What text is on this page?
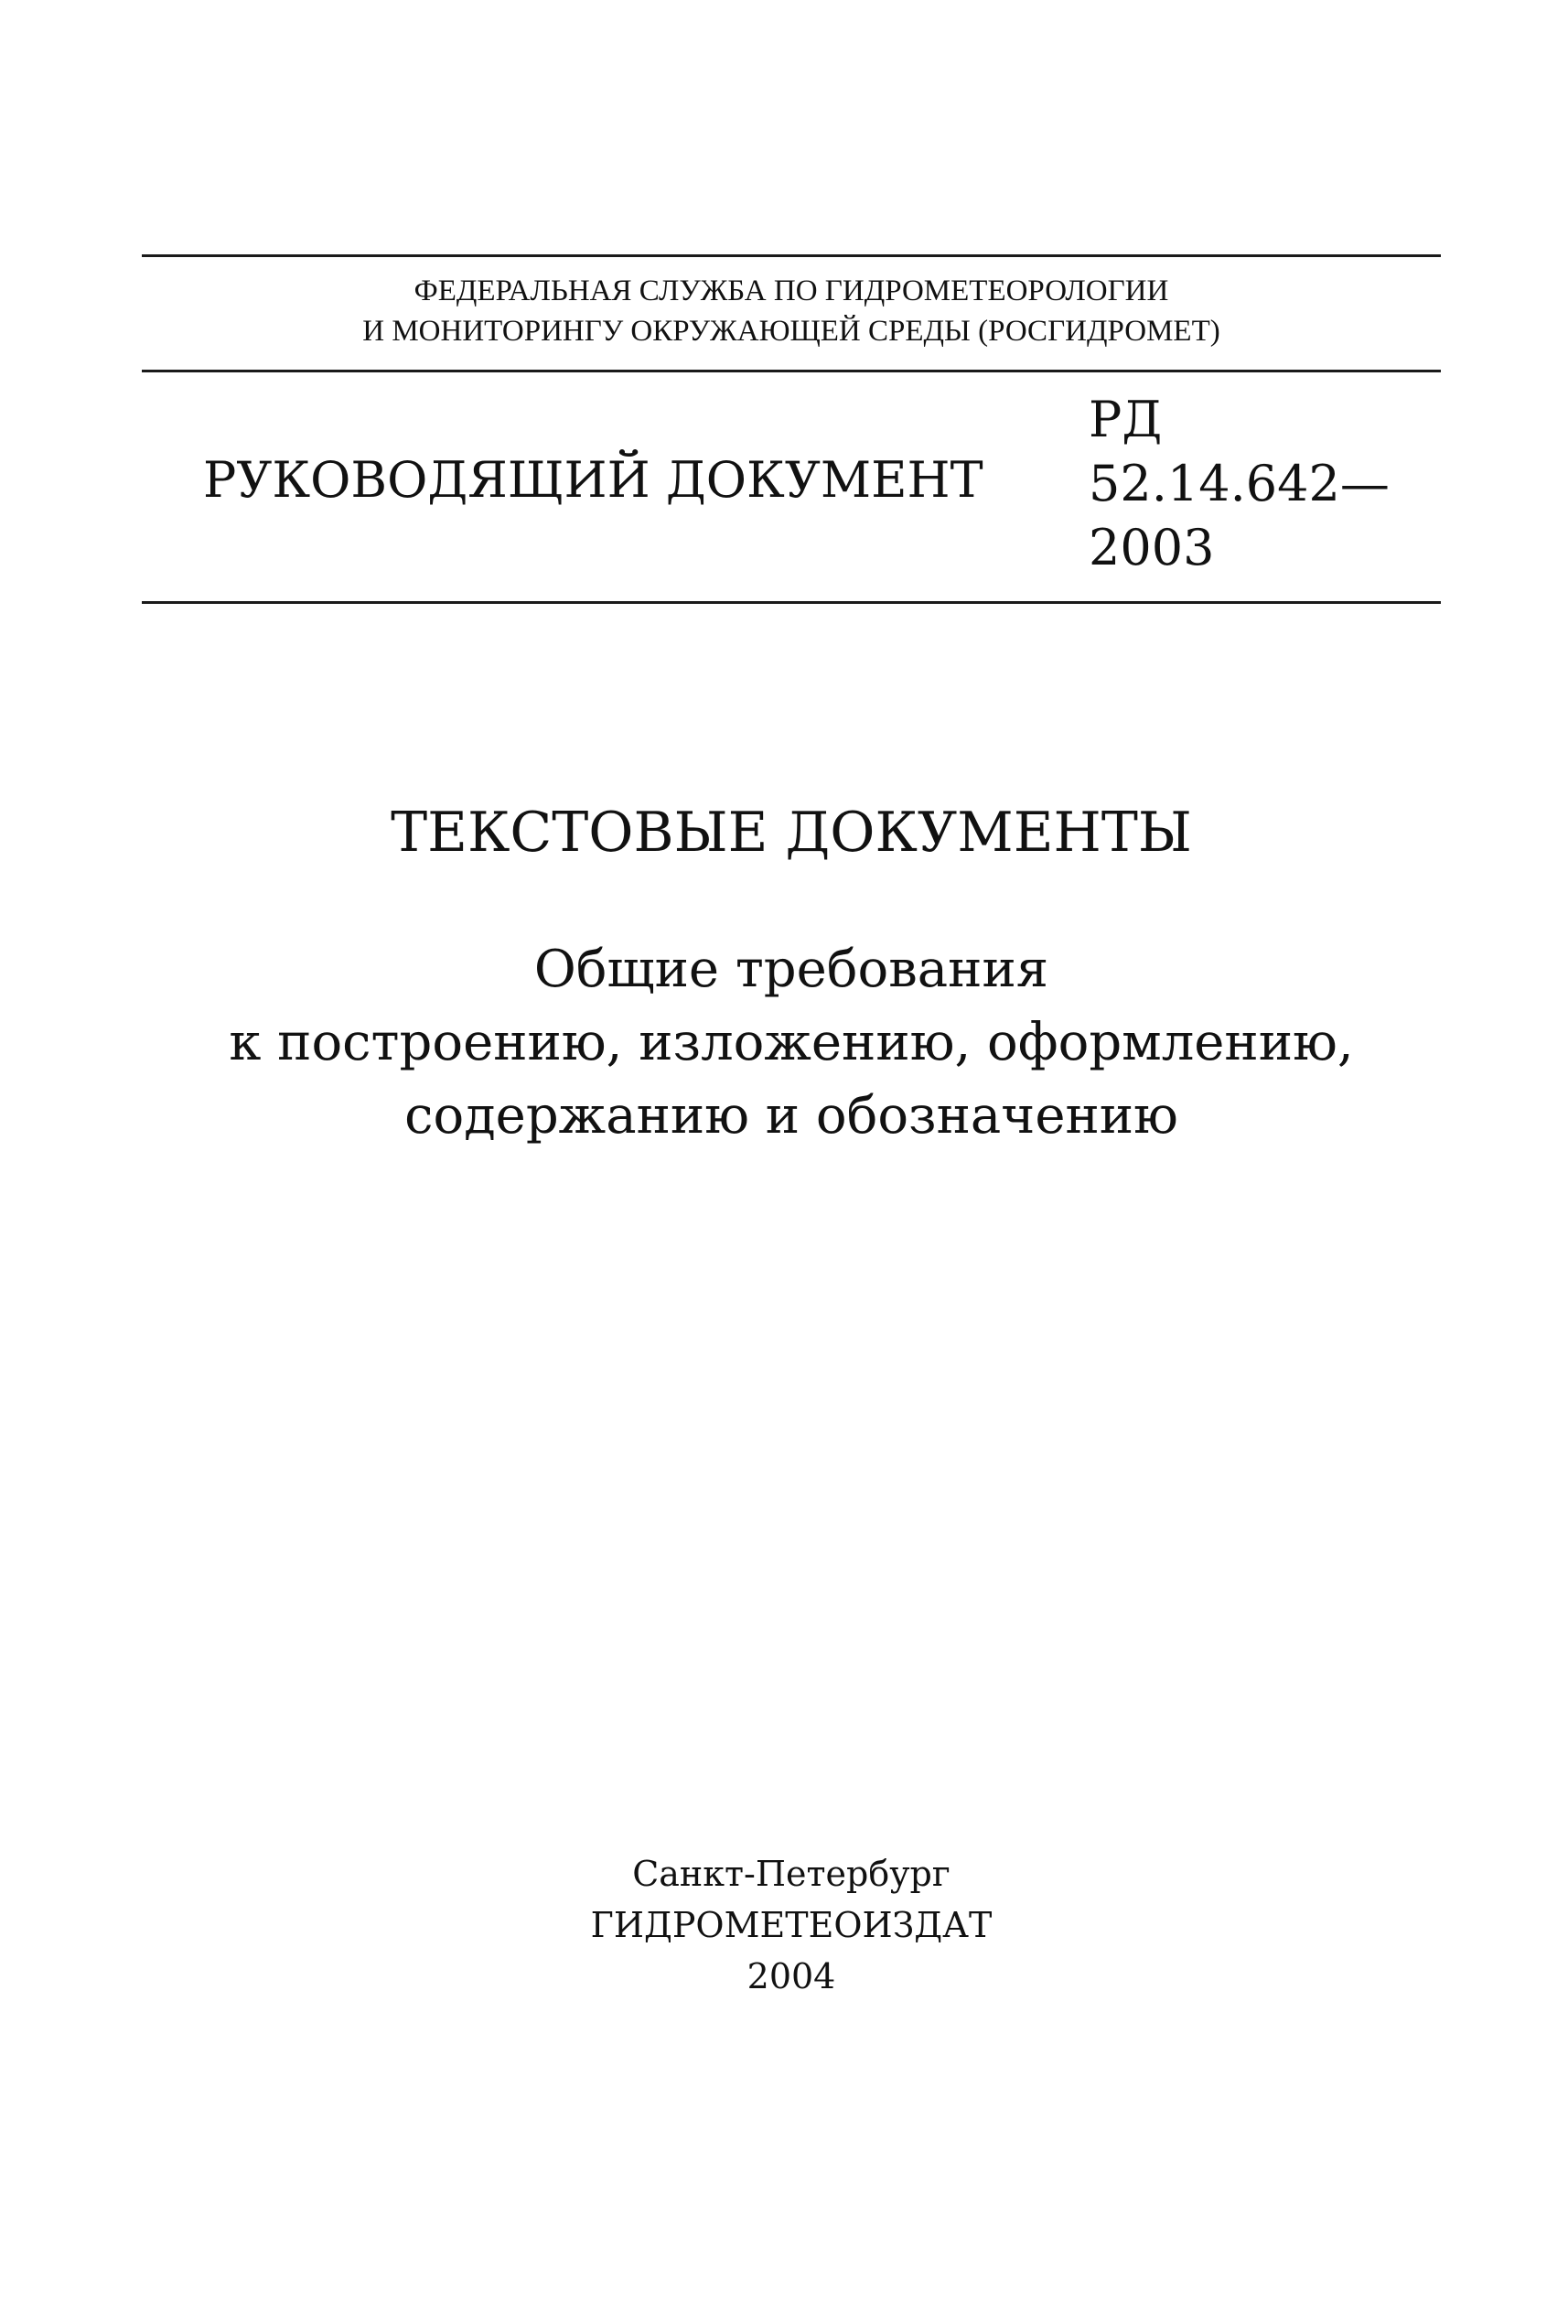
ФЕДЕРАЛЬНАЯ СЛУЖБА ПО ГИДРОМЕТЕОРОЛОГИИ
И МОНИТОРИНГУ ОКРУЖАЮЩЕЙ СРЕДЫ (РОСГИДРОМЕТ)
РУКОВОДЯЩИЙ ДОКУМЕНТ
РД
52.14.642—
2003
ТЕКСТОВЫЕ ДОКУМЕНТЫ
Общие требования
к построению, изложению, оформлению,
содержанию и обозначению
Санкт-Петербург
ГИДРОМЕТЕОИЗДАТ
2004
